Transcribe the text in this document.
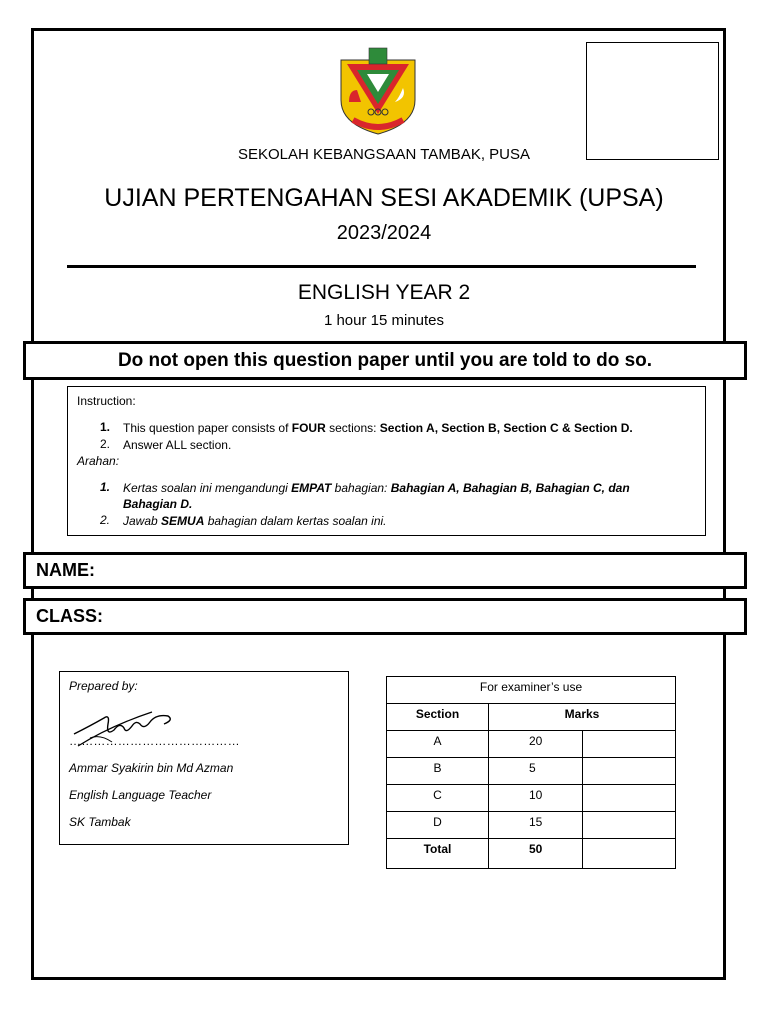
SEKOLAH KEBANGSAAN TAMBAK, PUSA
UJIAN PERTENGAHAN SESI AKADEMIK (UPSA)
2023/2024
ENGLISH YEAR 2
1 hour 15 minutes
Do not open this question paper until you are told to do so.
Instruction:
1.	This question paper consists of FOUR sections: Section A, Section B, Section C & Section D.
2.	Answer ALL section.
Arahan:
1.	Kertas soalan ini mengandungi EMPAT bahagian: Bahagian A, Bahagian B, Bahagian C, dan Bahagian D.
2.	Jawab SEMUA bahagian dalam kertas soalan ini.
NAME:
CLASS:
Prepared by:
……………………………………
Ammar Syakirin bin Md Azman
English Language Teacher
SK Tambak
For examiner’s use		
Section	Marks	
A	20	
B	5	
C	10	
D	15	
Total	50	
